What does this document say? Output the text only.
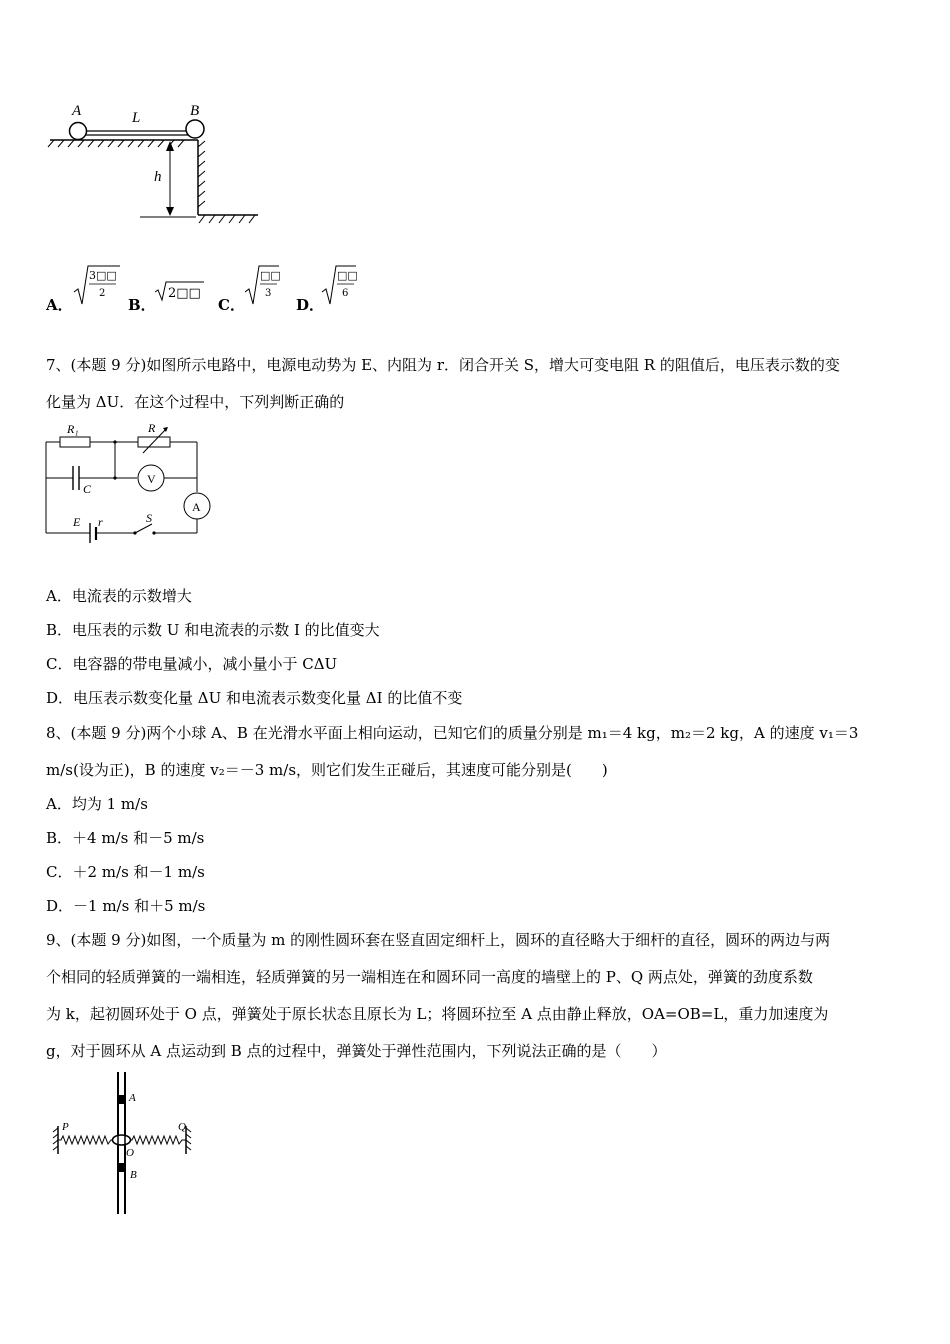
A	B
L
h
A．
3□□
2
B．
2□□
C．
□□
3
D．
□□
6
7、(本题 9 分)如图所示电路中，电源电动势为 E、内阻为 r．闭合开关 S，增大可变电阻 R 的阻值后，电压表示数的变
化量为 ΔU．在这个过程中，下列判断正确的
R₁	R
C
V
A
E r	S
A．电流表的示数增大
B．电压表的示数 U 和电流表的示数 I 的比值变大
C．电容器的带电量减小，减小量小于 CΔU
D．电压表示数变化量 ΔU 和电流表示数变化量 ΔI 的比值不变
8、(本题 9 分)两个小球 A、B 在光滑水平面上相向运动，已知它们的质量分别是 m₁＝4 kg，m₂＝2 kg，A 的速度 v₁＝3
m/s(设为正)，B 的速度 v₂＝－3 m/s，则它们发生正碰后，其速度可能分别是(　　)
A．均为 1 m/s
B．＋4 m/s 和－5 m/s
C．＋2 m/s 和－1 m/s
D．－1 m/s 和＋5 m/s
9、(本题 9 分)如图，一个质量为 m 的刚性圆环套在竖直固定细杆上，圆环的直径略大于细杆的直径，圆环的两边与两
个相同的轻质弹簧的一端相连，轻质弹簧的另一端相连在和圆环同一高度的墙壁上的 P、Q 两点处，弹簧的劲度系数
为 k，起初圆环处于 O 点，弹簧处于原长状态且原长为 L；将圆环拉至 A 点由静止释放，OA=OB=L，重力加速度为
g，对于圆环从 A 点运动到 B 点的过程中，弹簧处于弹性范围内，下列说法正确的是（　　）
P	Q
A
O
B
